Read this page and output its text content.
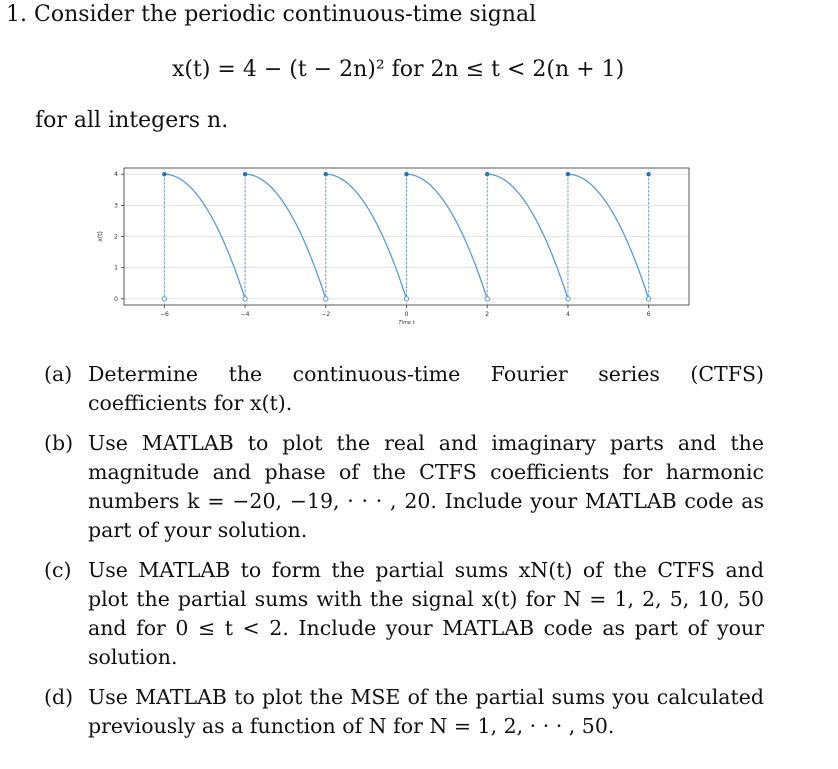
1. Consider the periodic continuous-time signal
x(t) = 4 − (t − 2n)² for 2n ≤ t < 2(n + 1)
for all integers n.
−6	−4	−2	0	2	4	6
0
1
2
3
4
Time t
x(t)
(a) Determine the continuous-time Fourier series (CTFS) coefficients for x(t).
(b) Use MATLAB to plot the real and imaginary parts and the magnitude and phase of the CTFS coefficients for harmonic numbers k = −20, −19, · · · , 20. Include your MATLAB code as part of your solution.
(c) Use MATLAB to form the partial sums xN(t) of the CTFS and plot the partial sums with the signal x(t) for N = 1, 2, 5, 10, 50 and for 0 ≤ t < 2. Include your MATLAB code as part of your solution.
(d) Use MATLAB to plot the MSE of the partial sums you calculated previously as a function of N for N = 1, 2, · · · , 50.
